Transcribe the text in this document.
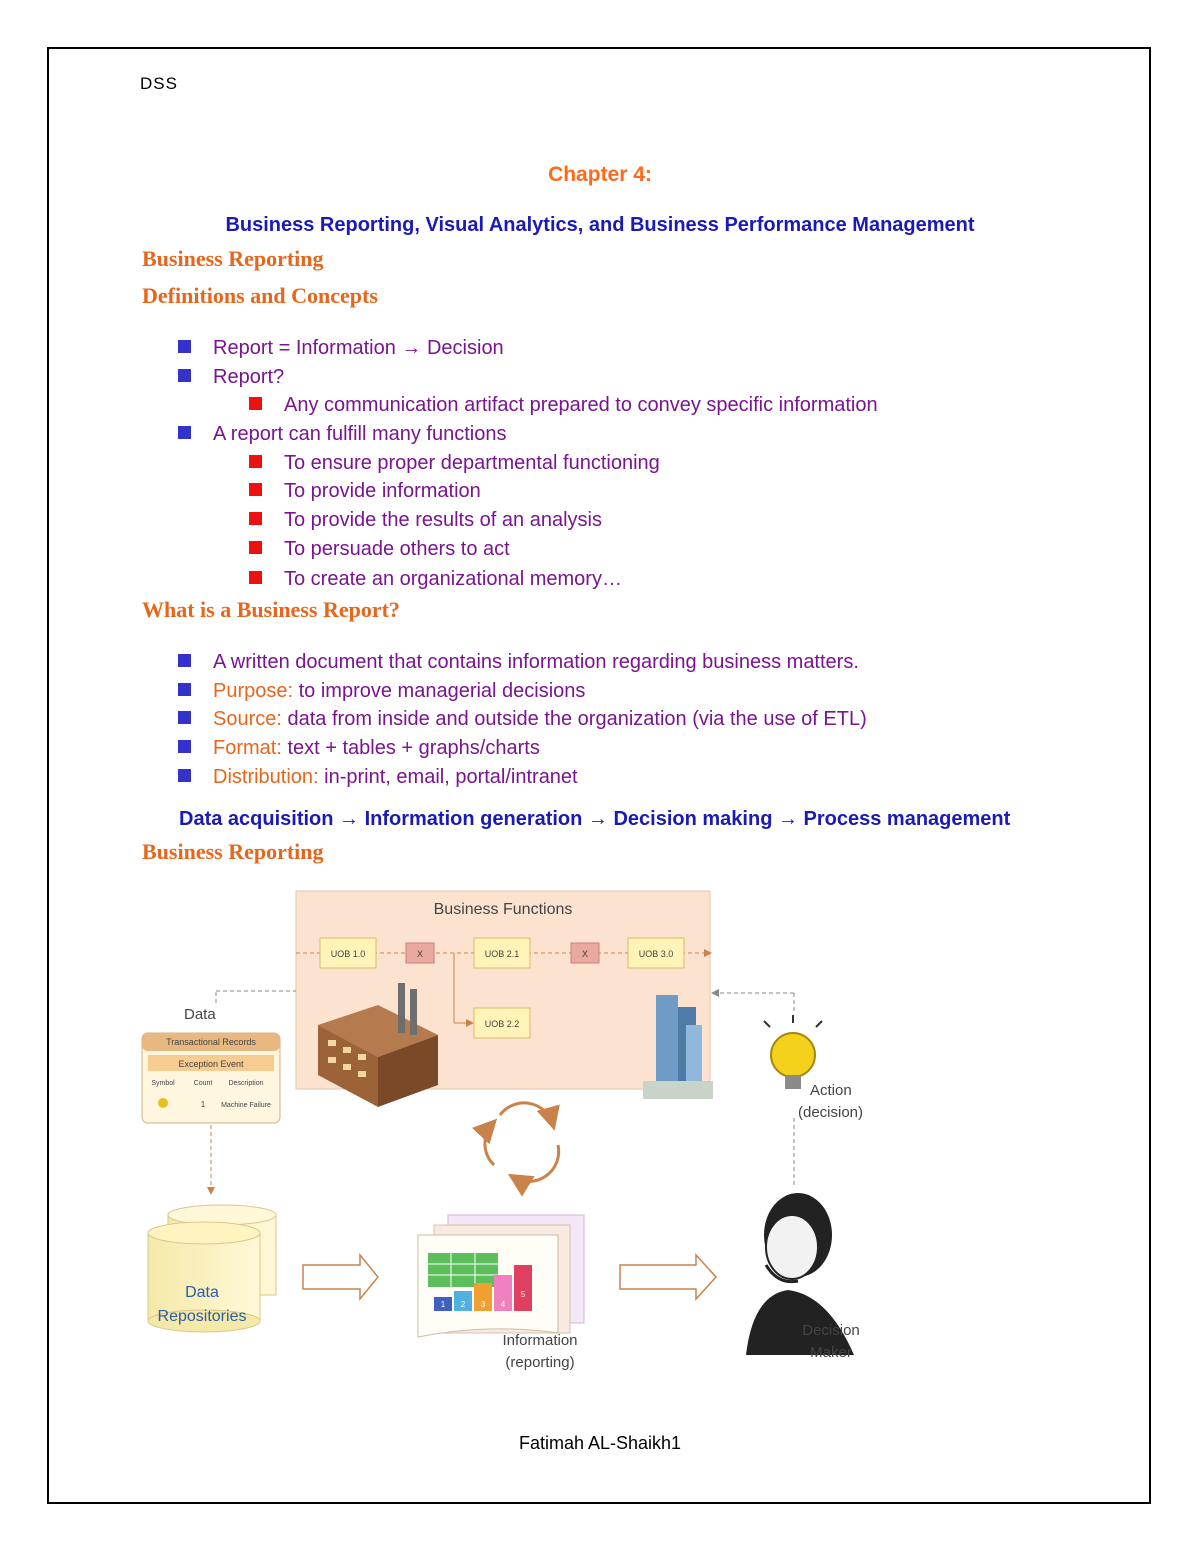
DSS
Chapter 4:
Business Reporting, Visual Analytics, and Business Performance Management
Business Reporting
Definitions and Concepts
Report = Information → Decision
Report?
Any communication artifact prepared to convey specific information
A report can fulfill many functions
To ensure proper departmental functioning
To provide information
To provide the results of an analysis
To persuade others to act
To create an organizational memory…
What is a Business Report?
A written document that contains information regarding business matters.
Purpose: to improve managerial decisions
Source: data from inside and outside the organization (via the use of ETL)
Format: text + tables + graphs/charts
Distribution: in-print, email, portal/intranet
Data acquisition → Information generation → Decision making → Process management
Business Reporting
Business Functions
UOB 1.0	X	UOB 2.1	X	UOB 3.0
UOB 2.2
Data
Transactional Records
Exception Event
Symbol	Count Description
1 Machine Failure
Action
(decision)
Data
Repositories
1 2 3 4
5
Information
(reporting)
Decision
Maker
Fatimah AL-Shaikh1
